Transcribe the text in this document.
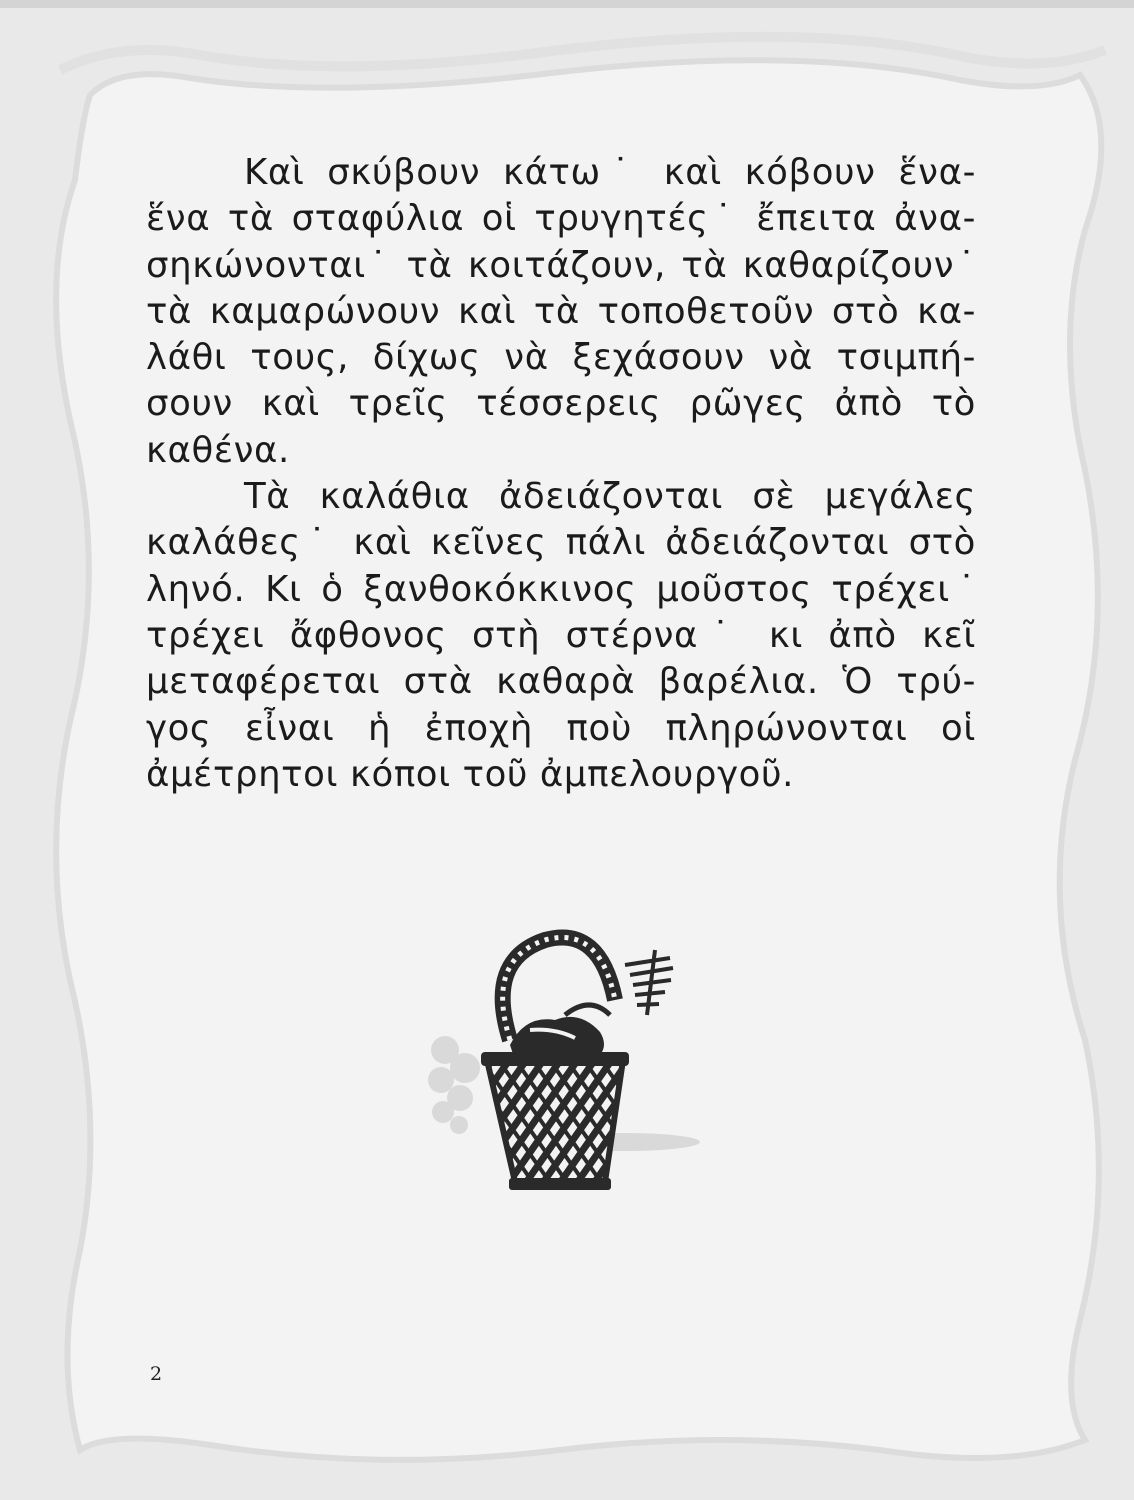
Καὶ σκύβουν κάτω˙ καὶ κόβουν ἕνα-
ἕνα τὰ σταφύλια οἱ τρυγητές˙ ἔπειτα ἀνα-
σηκώνονται˙ τὰ κοιτάζουν, τὰ καθαρίζουν˙
τὰ καμαρώνουν καὶ τὰ τοποθετοῦν στὸ κα-
λάθι τους, δίχως νὰ ξεχάσουν νὰ τσιμπή-
σουν καὶ τρεῖς τέσσερεις ρῶγες ἀπὸ τὸ
καθένα.
Τὰ καλάθια ἀδειάζονται σὲ μεγάλες
καλάθες˙ καὶ κεῖνες πάλι ἀδειάζονται στὸ
ληνό. Κι ὁ ξανθοκόκκινος μοῦστος τρέχει˙
τρέχει ἄφθονος στὴ στέρνα˙ κι ἀπὸ κεῖ
μεταφέρεται στὰ καθαρὰ βαρέλια. Ὁ τρύ-
γος εἶναι ἡ ἐποχὴ ποὺ πληρώνονται οἱ
ἀμέτρητοι κόποι τοῦ ἀμπελουργοῦ.
2
